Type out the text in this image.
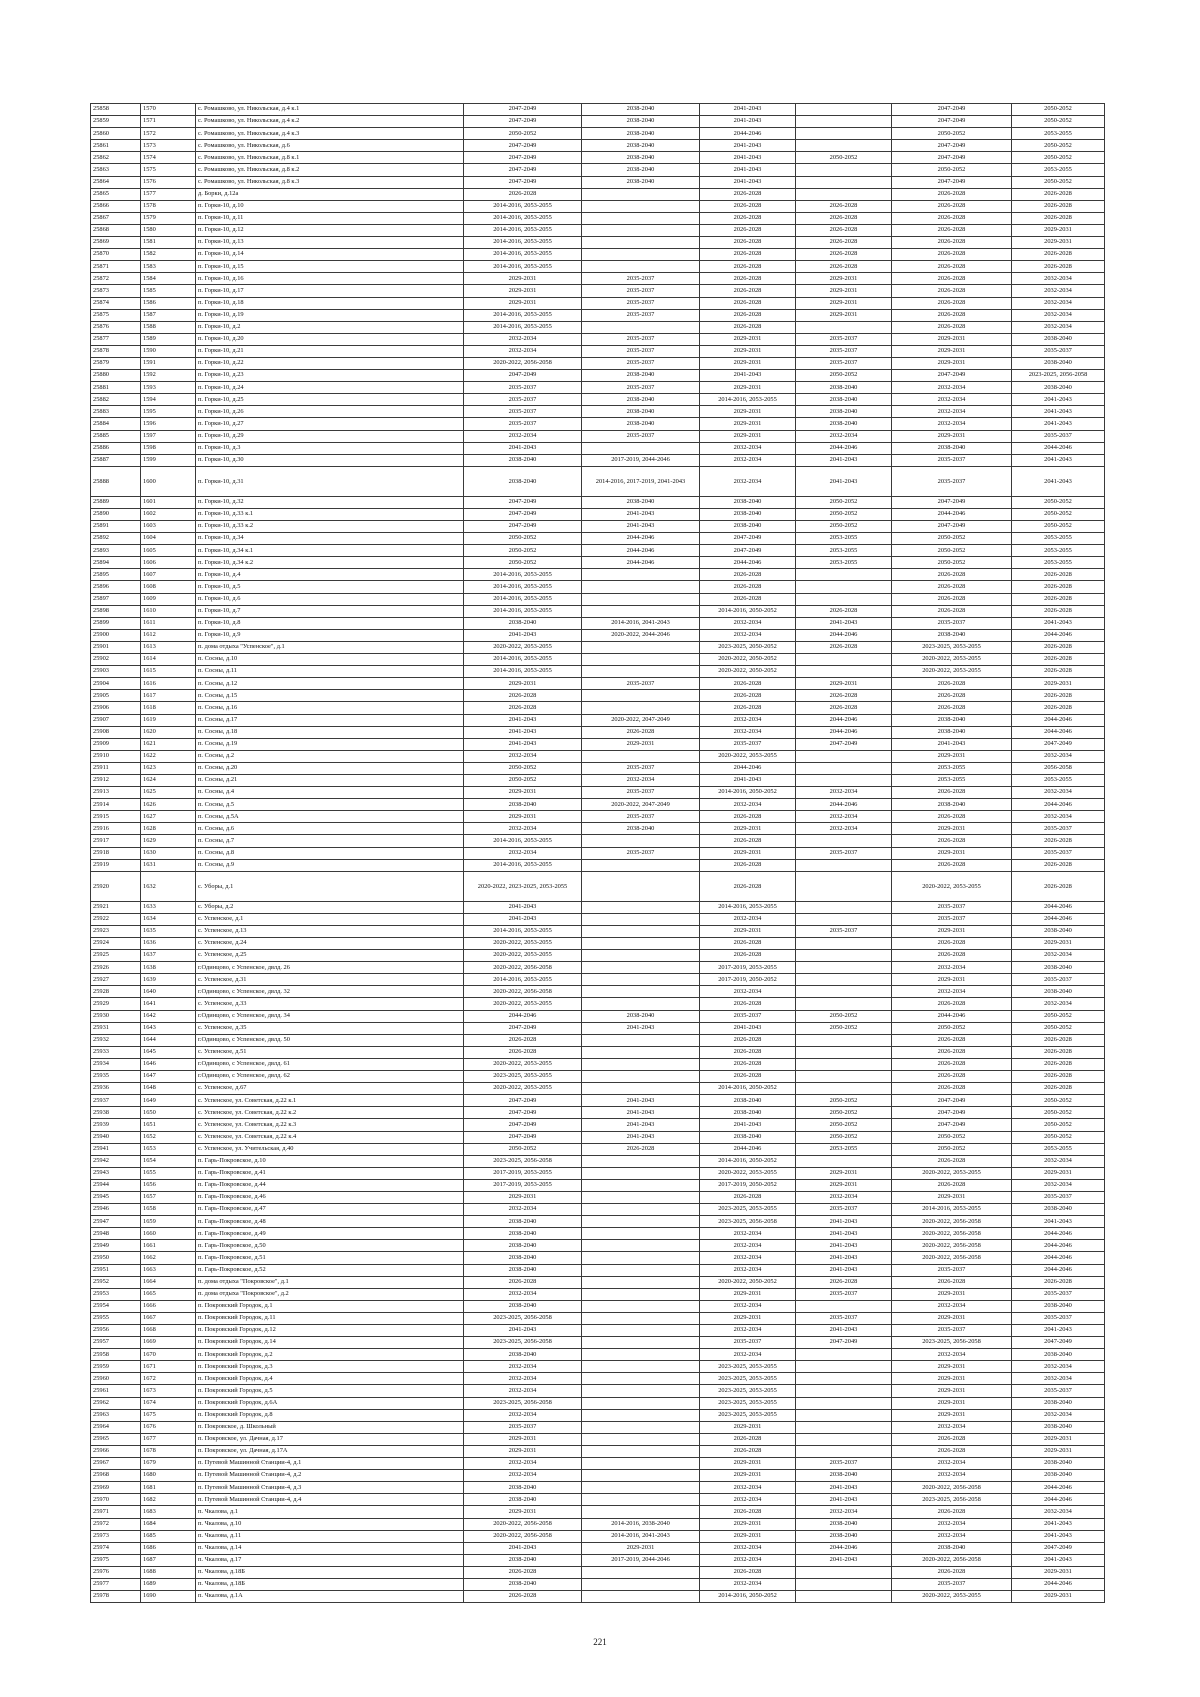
25858	1570	с. Ромашково, ул. Никольская, д.4 к.1	2047-2049	2038-2040	2041-2043		2047-2049	2050-2052
25859	1571	с. Ромашково, ул. Никольская, д.4 к.2	2047-2049	2038-2040	2041-2043		2047-2049	2050-2052
25860	1572	с. Ромашково, ул. Никольская, д.4 к.3	2050-2052	2038-2040	2044-2046		2050-2052	2053-2055
25861	1573	с. Ромашково, ул. Никольская, д.6	2047-2049	2038-2040	2041-2043		2047-2049	2050-2052
25862	1574	с. Ромашково, ул. Никольская, д.8 к.1	2047-2049	2038-2040	2041-2043	2050-2052	2047-2049	2050-2052
25863	1575	с. Ромашково, ул. Никольская, д.8 к.2	2047-2049	2038-2040	2041-2043		2050-2052	2053-2055
25864	1576	с. Ромашково, ул. Никольская, д.8 к.3	2047-2049	2038-2040	2041-2043		2047-2049	2050-2052
25865	1577	д. Борки, д.12а	2026-2028		2026-2028		2026-2028	2026-2028
25866	1578	п. Горки-10, д.10	2014-2016, 2053-2055		2026-2028	2026-2028	2026-2028	2026-2028
25867	1579	п. Горки-10, д.11	2014-2016, 2053-2055		2026-2028	2026-2028	2026-2028	2026-2028
25868	1580	п. Горки-10, д.12	2014-2016, 2053-2055		2026-2028	2026-2028	2026-2028	2029-2031
25869	1581	п. Горки-10, д.13	2014-2016, 2053-2055		2026-2028	2026-2028	2026-2028	2029-2031
25870	1582	п. Горки-10, д.14	2014-2016, 2053-2055		2026-2028	2026-2028	2026-2028	2026-2028
25871	1583	п. Горки-10, д.15	2014-2016, 2053-2055		2026-2028	2026-2028	2026-2028	2026-2028
25872	1584	п. Горки-10, д.16	2029-2031	2035-2037	2026-2028	2029-2031	2026-2028	2032-2034
25873	1585	п. Горки-10, д.17	2029-2031	2035-2037	2026-2028	2029-2031	2026-2028	2032-2034
25874	1586	п. Горки-10, д.18	2029-2031	2035-2037	2026-2028	2029-2031	2026-2028	2032-2034
25875	1587	п. Горки-10, д.19	2014-2016, 2053-2055	2035-2037	2026-2028	2029-2031	2026-2028	2032-2034
25876	1588	п. Горки-10, д.2	2014-2016, 2053-2055		2026-2028		2026-2028	2032-2034
25877	1589	п. Горки-10, д.20	2032-2034	2035-2037	2029-2031	2035-2037	2029-2031	2038-2040
25878	1590	п. Горки-10, д.21	2032-2034	2035-2037	2029-2031	2035-2037	2029-2031	2035-2037
25879	1591	п. Горки-10, д.22	2020-2022, 2056-2058	2035-2037	2029-2031	2035-2037	2029-2031	2038-2040
25880	1592	п. Горки-10, д.23	2047-2049	2038-2040	2041-2043	2050-2052	2047-2049	2023-2025, 2056-2058
25881	1593	п. Горки-10, д.24	2035-2037	2035-2037	2029-2031	2038-2040	2032-2034	2038-2040
25882	1594	п. Горки-10, д.25	2035-2037	2038-2040	2014-2016, 2053-2055	2038-2040	2032-2034	2041-2043
25883	1595	п. Горки-10, д.26	2035-2037	2038-2040	2029-2031	2038-2040	2032-2034	2041-2043
25884	1596	п. Горки-10, д.27	2035-2037	2038-2040	2029-2031	2038-2040	2032-2034	2041-2043
25885	1597	п. Горки-10, д.29	2032-2034	2035-2037	2029-2031	2032-2034	2029-2031	2035-2037
25886	1598	п. Горки-10, д.3	2041-2043		2032-2034	2044-2046	2038-2040	2044-2046
25887	1599	п. Горки-10, д.30	2038-2040	2017-2019, 2044-2046	2032-2034	2041-2043	2035-2037	2041-2043
25888	1600	п. Горки-10, д.31	2038-2040	2014-2016, 2017-2019, 2041-2043	2032-2034	2041-2043	2035-2037	2041-2043
25889	1601	п. Горки-10, д.32	2047-2049	2038-2040	2038-2040	2050-2052	2047-2049	2050-2052
25890	1602	п. Горки-10, д.33 к.1	2047-2049	2041-2043	2038-2040	2050-2052	2044-2046	2050-2052
25891	1603	п. Горки-10, д.33 к.2	2047-2049	2041-2043	2038-2040	2050-2052	2047-2049	2050-2052
25892	1604	п. Горки-10, д.34	2050-2052	2044-2046	2047-2049	2053-2055	2050-2052	2053-2055
25893	1605	п. Горки-10, д.34 к.1	2050-2052	2044-2046	2047-2049	2053-2055	2050-2052	2053-2055
25894	1606	п. Горки-10, д.34 к.2	2050-2052	2044-2046	2044-2046	2053-2055	2050-2052	2053-2055
25895	1607	п. Горки-10, д.4	2014-2016, 2053-2055		2026-2028		2026-2028	2026-2028
25896	1608	п. Горки-10, д.5	2014-2016, 2053-2055		2026-2028		2026-2028	2026-2028
25897	1609	п. Горки-10, д.6	2014-2016, 2053-2055		2026-2028		2026-2028	2026-2028
25898	1610	п. Горки-10, д.7	2014-2016, 2053-2055		2014-2016, 2050-2052	2026-2028	2026-2028	2026-2028
25899	1611	п. Горки-10, д.8	2038-2040	2014-2016, 2041-2043	2032-2034	2041-2043	2035-2037	2041-2043
25900	1612	п. Горки-10, д.9	2041-2043	2020-2022, 2044-2046	2032-2034	2044-2046	2038-2040	2044-2046
25901	1613	п. дома отдыха "Успенское", д.1	2020-2022, 2053-2055		2023-2025, 2050-2052	2026-2028	2023-2025, 2053-2055	2026-2028
25902	1614	п. Сосны, д.10	2014-2016, 2053-2055		2020-2022, 2050-2052		2020-2022, 2053-2055	2026-2028
25903	1615	п. Сосны, д.11	2014-2016, 2053-2055		2020-2022, 2050-2052		2020-2022, 2053-2055	2026-2028
25904	1616	п. Сосны, д.12	2029-2031	2035-2037	2026-2028	2029-2031	2026-2028	2029-2031
25905	1617	п. Сосны, д.15	2026-2028		2026-2028	2026-2028	2026-2028	2026-2028
25906	1618	п. Сосны, д.16	2026-2028		2026-2028	2026-2028	2026-2028	2026-2028
25907	1619	п. Сосны, д.17	2041-2043	2020-2022, 2047-2049	2032-2034	2044-2046	2038-2040	2044-2046
25908	1620	п. Сосны, д.18	2041-2043	2026-2028	2032-2034	2044-2046	2038-2040	2044-2046
25909	1621	п. Сосны, д.19	2041-2043	2029-2031	2035-2037	2047-2049	2041-2043	2047-2049
25910	1622	п. Сосны, д.2	2032-2034		2020-2022, 2053-2055		2029-2031	2032-2034
25911	1623	п. Сосны, д.20	2050-2052	2035-2037	2044-2046		2053-2055	2056-2058
25912	1624	п. Сосны, д.21	2050-2052	2032-2034	2041-2043		2053-2055	2053-2055
25913	1625	п. Сосны, д.4	2029-2031	2035-2037	2014-2016, 2050-2052	2032-2034	2026-2028	2032-2034
25914	1626	п. Сосны, д.5	2038-2040	2020-2022, 2047-2049	2032-2034	2044-2046	2038-2040	2044-2046
25915	1627	п. Сосны, д.5А	2029-2031	2035-2037	2026-2028	2032-2034	2026-2028	2032-2034
25916	1628	п. Сосны, д.6	2032-2034	2038-2040	2029-2031	2032-2034	2029-2031	2035-2037
25917	1629	п. Сосны, д.7	2014-2016, 2053-2055		2026-2028		2026-2028	2026-2028
25918	1630	п. Сосны, д.8	2032-2034	2035-2037	2029-2031	2035-2037	2029-2031	2035-2037
25919	1631	п. Сосны, д.9	2014-2016, 2053-2055		2026-2028		2026-2028	2026-2028
25920	1632	с. Уборы, д.1	2020-2022, 2023-2025, 2053-2055		2026-2028		2020-2022, 2053-2055	2026-2028
25921	1633	с. Уборы, д.2	2041-2043		2014-2016, 2053-2055		2035-2037	2044-2046
25922	1634	с. Успенское, д.1	2041-2043		2032-2034		2035-2037	2044-2046
25923	1635	с. Успенское, д.13	2014-2016, 2053-2055		2029-2031	2035-2037	2029-2031	2038-2040
25924	1636	с. Успенское, д.24	2020-2022, 2053-2055		2026-2028		2026-2028	2029-2031
25925	1637	с. Успенское, д.25	2020-2022, 2053-2055		2026-2028		2026-2028	2032-2034
25926	1638	г.Одинцово, с Успенское, двлд. 26	2020-2022, 2056-2058		2017-2019, 2053-2055		2032-2034	2038-2040
25927	1639	с. Успенское, д.31	2014-2016, 2053-2055		2017-2019, 2050-2052		2029-2031	2035-2037
25928	1640	г.Одинцово, с Успенское, двлд. 32	2020-2022, 2056-2058		2032-2034		2032-2034	2038-2040
25929	1641	с. Успенское, д.33	2020-2022, 2053-2055		2026-2028		2026-2028	2032-2034
25930	1642	г.Одинцово, с Успенское, двлд. 34	2044-2046	2038-2040	2035-2037	2050-2052	2044-2046	2050-2052
25931	1643	с. Успенское, д.35	2047-2049	2041-2043	2041-2043	2050-2052	2050-2052	2050-2052
25932	1644	г.Одинцово, с Успенское, двлд. 50	2026-2028		2026-2028		2026-2028	2026-2028
25933	1645	с. Успенское, д.51	2026-2028		2026-2028		2026-2028	2026-2028
25934	1646	г.Одинцово, с Успенское, двлд. 61	2020-2022, 2053-2055		2026-2028		2026-2028	2026-2028
25935	1647	г.Одинцово, с Успенское, двлд. 62	2023-2025, 2053-2055		2026-2028		2026-2028	2026-2028
25936	1648	с. Успенское, д.67	2020-2022, 2053-2055		2014-2016, 2050-2052		2026-2028	2026-2028
25937	1649	с. Успенское, ул. Советская, д.22 к.1	2047-2049	2041-2043	2038-2040	2050-2052	2047-2049	2050-2052
25938	1650	с. Успенское, ул. Советская, д.22 к.2	2047-2049	2041-2043	2038-2040	2050-2052	2047-2049	2050-2052
25939	1651	с. Успенское, ул. Советская, д.22 к.3	2047-2049	2041-2043	2041-2043	2050-2052	2047-2049	2050-2052
25940	1652	с. Успенское, ул. Советская, д.22 к.4	2047-2049	2041-2043	2038-2040	2050-2052	2050-2052	2050-2052
25941	1653	с. Успенское, ул. Учительская, д.40	2050-2052	2026-2028	2044-2046	2053-2055	2050-2052	2053-2055
25942	1654	п. Гарь-Покровское, д.10	2023-2025, 2056-2058		2014-2016, 2050-2052		2026-2028	2032-2034
25943	1655	п. Гарь-Покровское, д.41	2017-2019, 2053-2055		2020-2022, 2053-2055	2029-2031	2020-2022, 2053-2055	2029-2031
25944	1656	п. Гарь-Покровское, д.44	2017-2019, 2053-2055		2017-2019, 2050-2052	2029-2031	2026-2028	2032-2034
25945	1657	п. Гарь-Покровское, д.46	2029-2031		2026-2028	2032-2034	2029-2031	2035-2037
25946	1658	п. Гарь-Покровское, д.47	2032-2034		2023-2025, 2053-2055	2035-2037	2014-2016, 2053-2055	2038-2040
25947	1659	п. Гарь-Покровское, д.48	2038-2040		2023-2025, 2056-2058	2041-2043	2020-2022, 2056-2058	2041-2043
25948	1660	п. Гарь-Покровское, д.49	2038-2040		2032-2034	2041-2043	2020-2022, 2056-2058	2044-2046
25949	1661	п. Гарь-Покровское, д.50	2038-2040		2032-2034	2041-2043	2020-2022, 2056-2058	2044-2046
25950	1662	п. Гарь-Покровское, д.51	2038-2040		2032-2034	2041-2043	2020-2022, 2056-2058	2044-2046
25951	1663	п. Гарь-Покровское, д.52	2038-2040		2032-2034	2041-2043	2035-2037	2044-2046
25952	1664	п. дома отдыха "Покровское", д.1	2026-2028		2020-2022, 2050-2052	2026-2028	2026-2028	2026-2028
25953	1665	п. дома отдыха "Покровское", д.2	2032-2034		2029-2031	2035-2037	2029-2031	2035-2037
25954	1666	п. Покровский Городок, д.1	2038-2040		2032-2034		2032-2034	2038-2040
25955	1667	п. Покровский Городок, д.11	2023-2025, 2056-2058		2029-2031	2035-2037	2029-2031	2035-2037
25956	1668	п. Покровский Городок, д.12	2041-2043		2032-2034	2041-2043	2035-2037	2041-2043
25957	1669	п. Покровский Городок, д.14	2023-2025, 2056-2058		2035-2037	2047-2049	2023-2025, 2056-2058	2047-2049
25958	1670	п. Покровский Городок, д.2	2038-2040		2032-2034		2032-2034	2038-2040
25959	1671	п. Покровский Городок, д.3	2032-2034		2023-2025, 2053-2055		2029-2031	2032-2034
25960	1672	п. Покровский Городок, д.4	2032-2034		2023-2025, 2053-2055		2029-2031	2032-2034
25961	1673	п. Покровский Городок, д.5	2032-2034		2023-2025, 2053-2055		2029-2031	2035-2037
25962	1674	п. Покровский Городок, д.6А	2023-2025, 2056-2058		2023-2025, 2053-2055		2029-2031	2038-2040
25963	1675	п. Покровский Городок, д.8	2032-2034		2023-2025, 2053-2055		2029-2031	2032-2034
25964	1676	п. Покровское, д. Школьный	2035-2037		2029-2031		2032-2034	2038-2040
25965	1677	п. Покровское, ул. Дачная, д.17	2029-2031		2026-2028		2026-2028	2029-2031
25966	1678	п. Покровское, ул. Дачная, д.17А	2029-2031		2026-2028		2026-2028	2029-2031
25967	1679	п. Путевой Машинной Станции-4, д.1	2032-2034		2029-2031	2035-2037	2032-2034	2038-2040
25968	1680	п. Путевой Машинной Станции-4, д.2	2032-2034		2029-2031	2038-2040	2032-2034	2038-2040
25969	1681	п. Путевой Машинной Станции-4, д.3	2038-2040		2032-2034	2041-2043	2020-2022, 2056-2058	2044-2046
25970	1682	п. Путевой Машинной Станции-4, д.4	2038-2040		2032-2034	2041-2043	2023-2025, 2056-2058	2044-2046
25971	1683	п. Чкалова, д.1	2029-2031		2026-2028	2032-2034	2026-2028	2032-2034
25972	1684	п. Чкалова, д.10	2020-2022, 2056-2058	2014-2016, 2038-2040	2029-2031	2038-2040	2032-2034	2041-2043
25973	1685	п. Чкалова, д.11	2020-2022, 2056-2058	2014-2016, 2041-2043	2029-2031	2038-2040	2032-2034	2041-2043
25974	1686	п. Чкалова, д.14	2041-2043	2029-2031	2032-2034	2044-2046	2038-2040	2047-2049
25975	1687	п. Чкалова, д.17	2038-2040	2017-2019, 2044-2046	2032-2034	2041-2043	2020-2022, 2056-2058	2041-2043
25976	1688	п. Чкалова, д.18Б	2026-2028		2026-2028		2026-2028	2029-2031
25977	1689	п. Чкалова, д.18Б	2038-2040		2032-2034		2035-2037	2044-2046
25978	1690	п. Чкалова, д.1А	2026-2028		2014-2016, 2050-2052		2020-2022, 2053-2055	2029-2031
221
